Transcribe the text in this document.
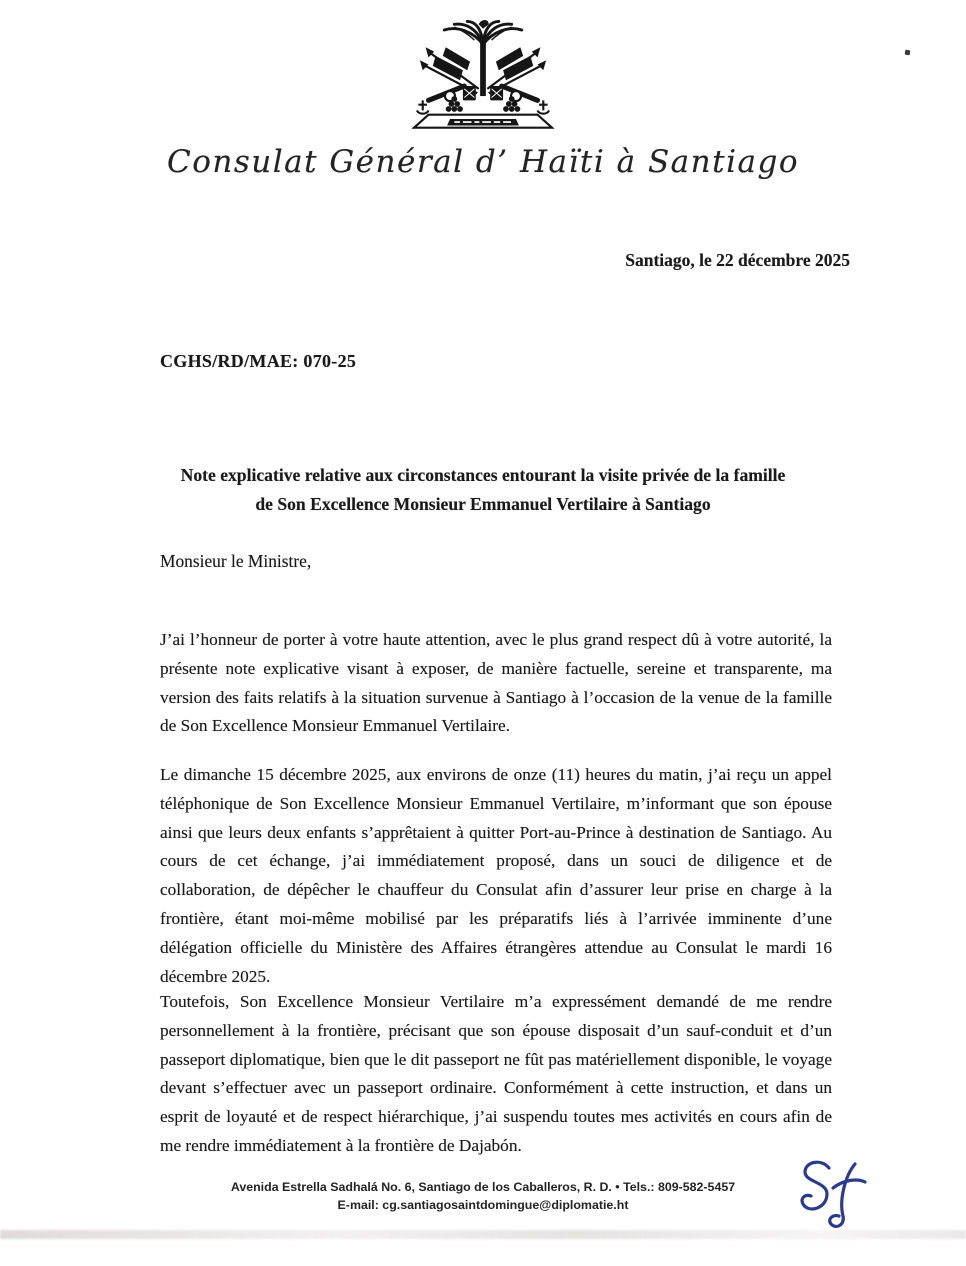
Consulat Général d’ Haïti à Santiago
Santiago, le 22 décembre 2025
CGHS/RD/MAE: 070-25
Note explicative relative aux circonstances entourant la visite privée de la famille
de Son Excellence Monsieur Emmanuel Vertilaire à Santiago
Monsieur le Ministre,
J’ai l’honneur de porter à votre haute attention, avec le plus grand respect dû à votre autorité, la présente note explicative visant à exposer, de manière factuelle, sereine et transparente, ma version des faits relatifs à la situation survenue à Santiago à l’occasion de la venue de la famille de Son Excellence Monsieur Emmanuel Vertilaire.
Le dimanche 15 décembre 2025, aux environs de onze (11) heures du matin, j’ai reçu un appel téléphonique de Son Excellence Monsieur Emmanuel Vertilaire, m’informant que son épouse ainsi que leurs deux enfants s’apprêtaient à quitter Port-au-Prince à destination de Santiago. Au cours de cet échange, j’ai immédiatement proposé, dans un souci de diligence et de collaboration, de dépêcher le chauffeur du Consulat afin d’assurer leur prise en charge à la frontière, étant moi-même mobilisé par les préparatifs liés à l’arrivée imminente d’une délégation officielle du Ministère des Affaires étrangères attendue au Consulat le mardi 16 décembre 2025.
Toutefois, Son Excellence Monsieur Vertilaire m’a expressément demandé de me rendre personnellement à la frontière, précisant que son épouse disposait d’un sauf-conduit et d’un passeport diplomatique, bien que le dit passeport ne fût pas matériellement disponible, le voyage devant s’effectuer avec un passeport ordinaire. Conformément à cette instruction, et dans un esprit de loyauté et de respect hiérarchique, j’ai suspendu toutes mes activités en cours afin de me rendre immédiatement à la frontière de Dajabón.
Avenida Estrella Sadhalá No. 6, Santiago de los Caballeros, R. D. • Tels.: 809-582-5457
E-mail: cg.santiagosaintdomingue@diplomatie.ht
